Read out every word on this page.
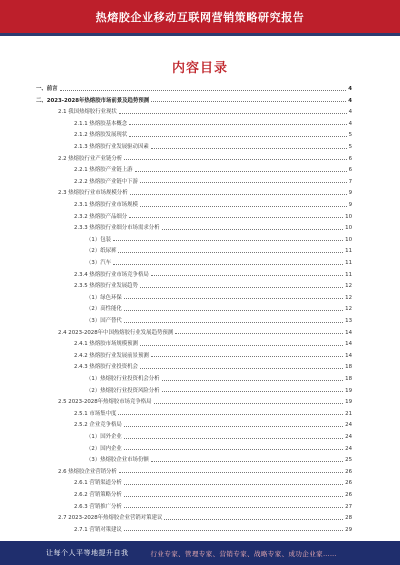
热熔胶企业移动互联网营销策略研究报告
内容目录
一、前言	4
二、2023-2028年热熔胶市场前景及趋势预测	4
2.1 我国热熔胶行业现状	4
2.1.1 热熔胶基本概念	4
2.1.2 热熔胶发展现状	5
2.1.3 热熔胶行业发展驱动因素	5
2.2 热熔胶行业产业链分析	6
2.2.1 热熔胶产业链上游	6
2.2.2 热熔胶产业链中下游	7
2.3 热熔胶行业市场规模分析	9
2.3.1 热熔胶行业市场规模	9
2.3.2 热熔胶产品细分	10
2.3.3 热熔胶行业细分市场需求分析	10
（1）包装	10
（2）纸尿裤	11
（3）汽车	11
2.3.4 热熔胶行业市场竞争格局	11
2.3.5 热熔胶行业发展趋势	12
（1）绿色环保	12
（2）高性能化	12
（3）国产替代	13
2.4 2023-2028年中国热熔胶行业发展趋势预测	14
2.4.1 热熔胶市场规模预测	14
2.4.2 热熔胶行业发展前景预测	14
2.4.3 热熔胶行业投资机会	18
（1）热熔胶行业投资机会分析	18
（2）热熔胶行业投资风险分析	19
2.5 2023-2028年热熔胶市场竞争格局	19
2.5.1 市场集中度	21
2.5.2 企业竞争格局	24
（1）国外企业	24
（2）国内企业	24
（3）热熔胶企业市场份额	25
2.6 热熔胶企业营销分析	26
2.6.1 营销渠道分析	26
2.6.2 营销策略分析	26
2.6.3 营销推广分析	27
2.7 2023-2028年热熔胶企业营销对策建议	28
2.7.1 营销对策建议	29
让每个人平等地提升自我	行业专家、管理专家、营销专家、战略专家、成功企业家……
